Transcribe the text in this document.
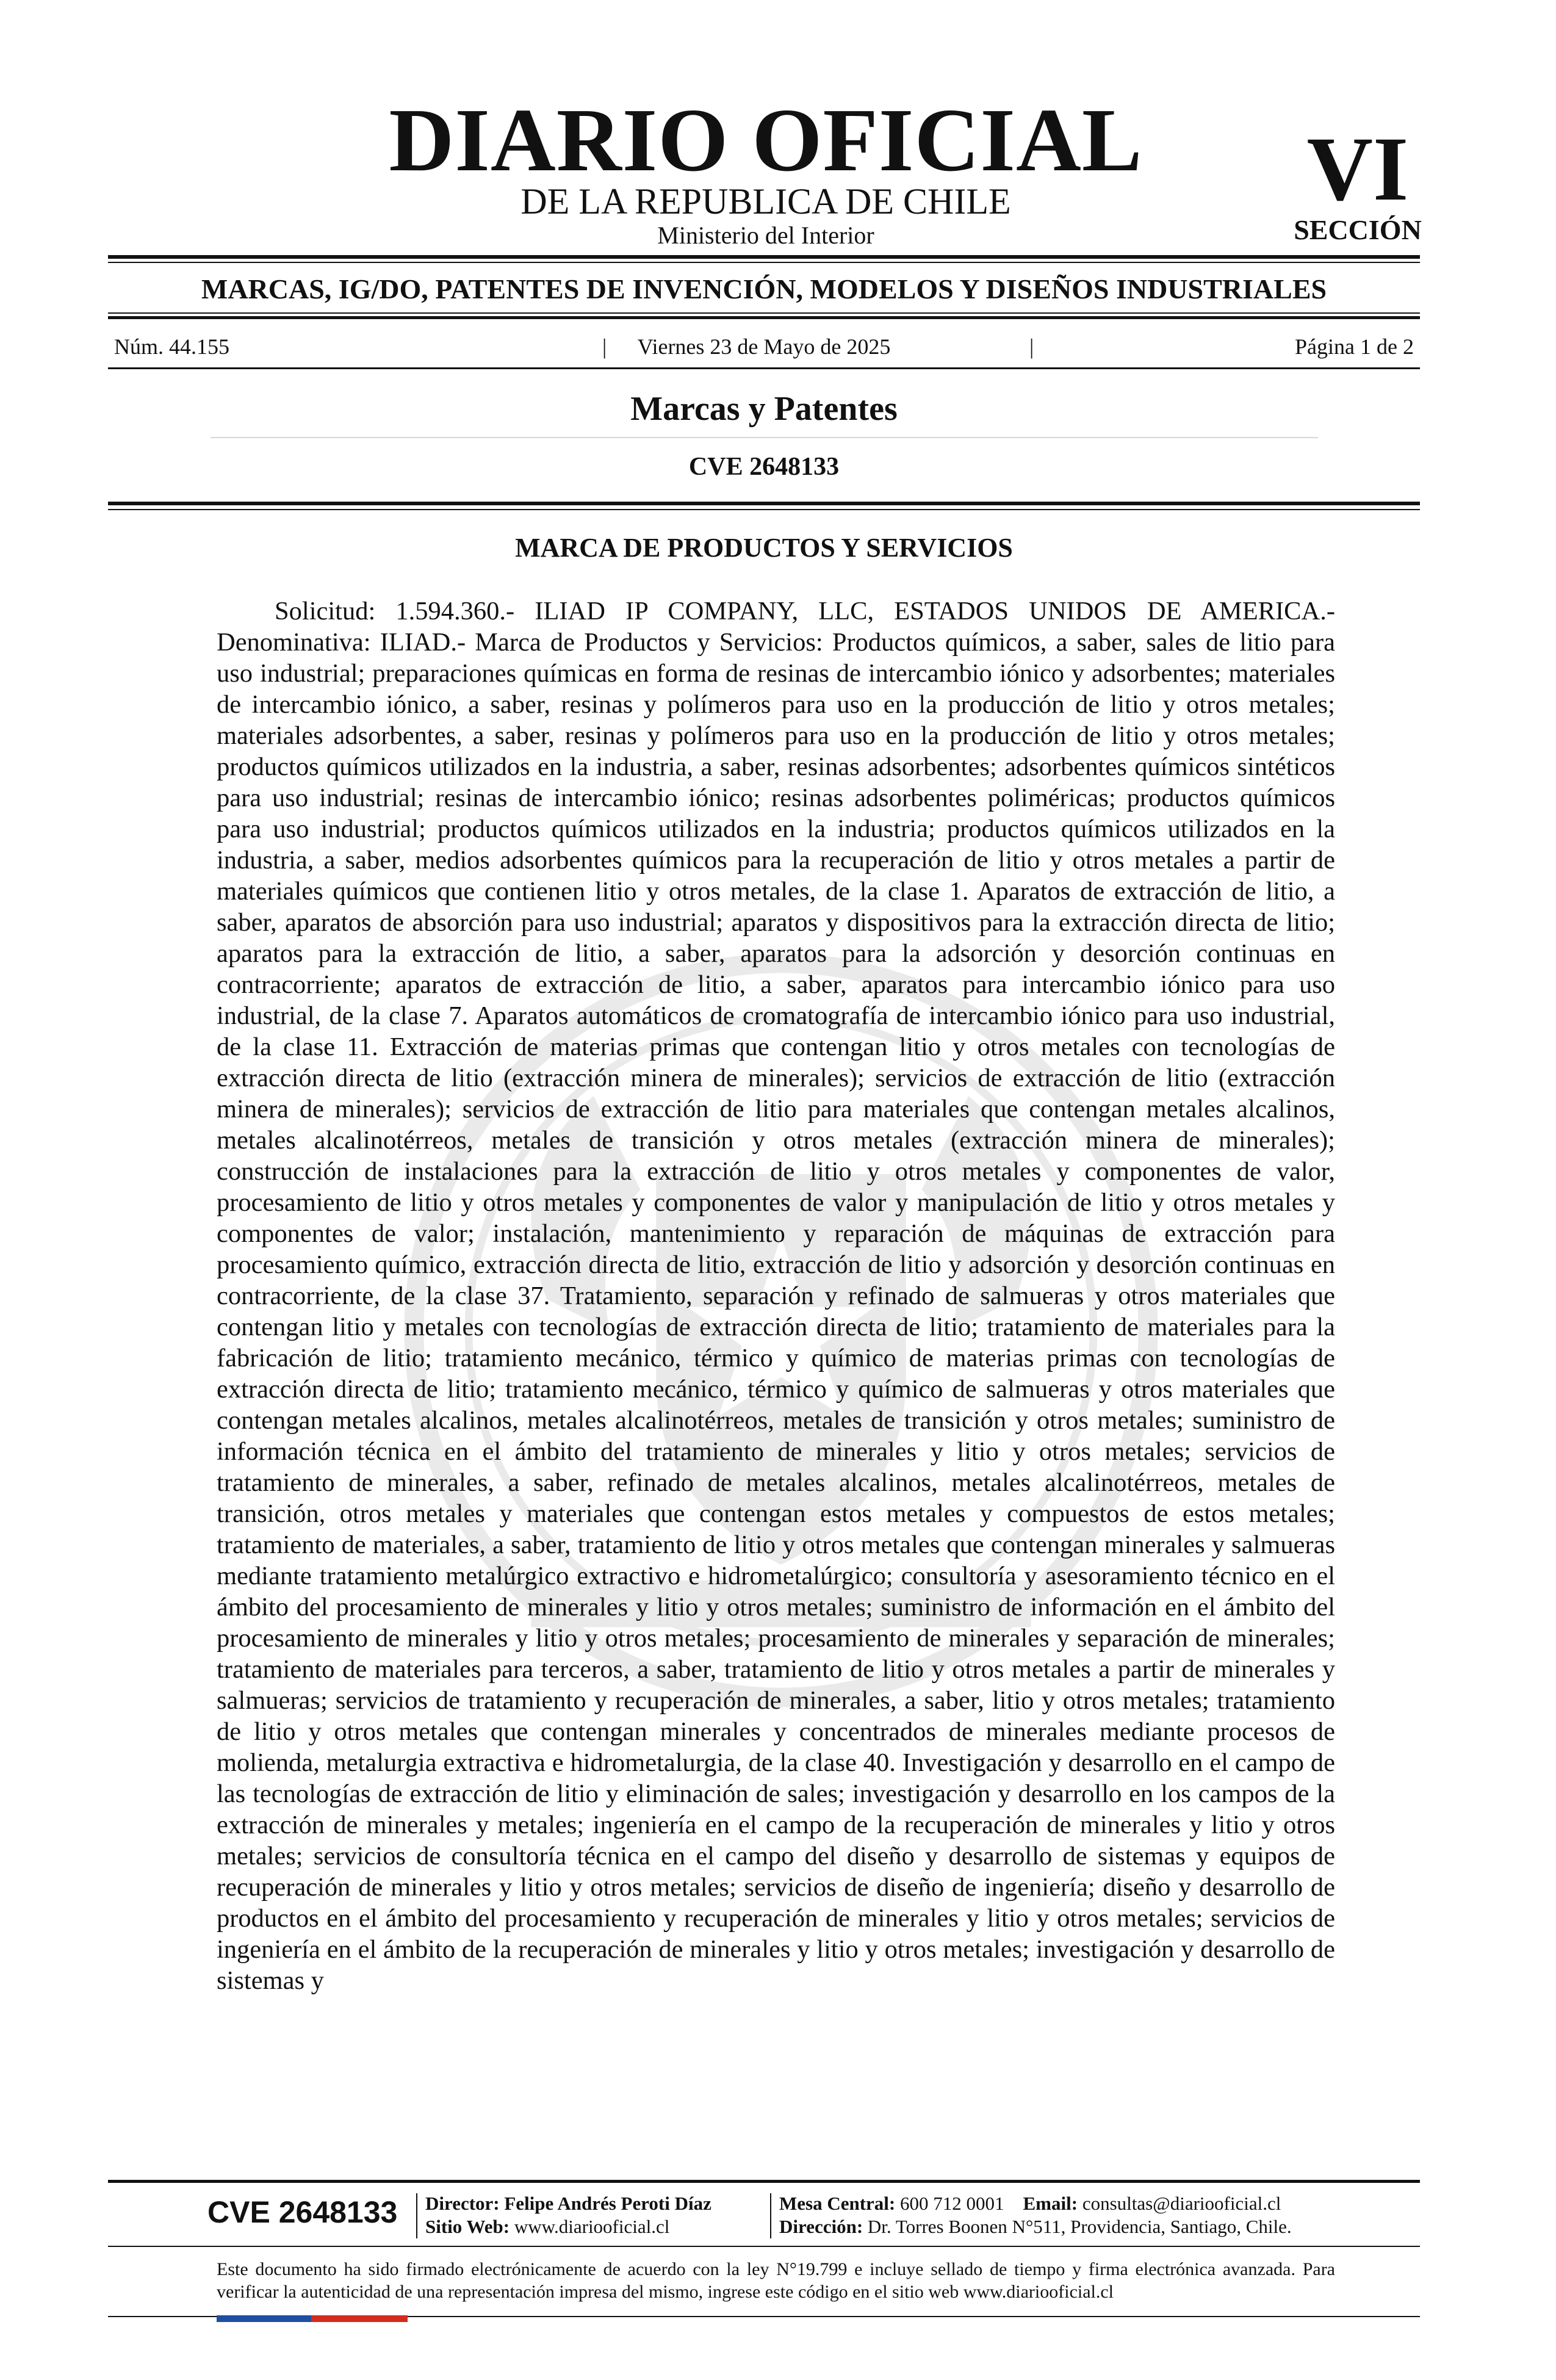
DIARIO OFICIAL
DE LA REPUBLICA DE CHILE
Ministerio del Interior
VI
SECCIÓN
MARCAS, IG/DO, PATENTES DE INVENCIÓN, MODELOS Y DISEÑOS INDUSTRIALES
Núm. 44.155	|	Viernes 23 de Mayo de 2025	|	Página 1 de 2
Marcas y Patentes
CVE 2648133
MARCA DE PRODUCTOS Y SERVICIOS
Solicitud: 1.594.360.- ILIAD IP COMPANY, LLC, ESTADOS UNIDOS DE AMERICA.- Denominativa: ILIAD.- Marca de Productos y Servicios: Productos químicos, a saber, sales de litio para uso industrial; preparaciones químicas en forma de resinas de intercambio iónico y adsorbentes; materiales de intercambio iónico, a saber, resinas y polímeros para uso en la producción de litio y otros metales; materiales adsorbentes, a saber, resinas y polímeros para uso en la producción de litio y otros metales; productos químicos utilizados en la industria, a saber, resinas adsorbentes; adsorbentes químicos sintéticos para uso industrial; resinas de intercambio iónico; resinas adsorbentes poliméricas; productos químicos para uso industrial; productos químicos utilizados en la industria; productos químicos utilizados en la industria, a saber, medios adsorbentes químicos para la recuperación de litio y otros metales a partir de materiales químicos que contienen litio y otros metales, de la clase 1. Aparatos de extracción de litio, a saber, aparatos de absorción para uso industrial; aparatos y dispositivos para la extracción directa de litio; aparatos para la extracción de litio, a saber, aparatos para la adsorción y desorción continuas en contracorriente; aparatos de extracción de litio, a saber, aparatos para intercambio iónico para uso industrial, de la clase 7. Aparatos automáticos de cromatografía de intercambio iónico para uso industrial, de la clase 11. Extracción de materias primas que contengan litio y otros metales con tecnologías de extracción directa de litio (extracción minera de minerales); servicios de extracción de litio (extracción minera de minerales); servicios de extracción de litio para materiales que contengan metales alcalinos, metales alcalinotérreos, metales de transición y otros metales (extracción minera de minerales); construcción de instalaciones para la extracción de litio y otros metales y componentes de valor, procesamiento de litio y otros metales y componentes de valor y manipulación de litio y otros metales y componentes de valor; instalación, mantenimiento y reparación de máquinas de extracción para procesamiento químico, extracción directa de litio, extracción de litio y adsorción y desorción continuas en contracorriente, de la clase 37. Tratamiento, separación y refinado de salmueras y otros materiales que contengan litio y metales con tecnologías de extracción directa de litio; tratamiento de materiales para la fabricación de litio; tratamiento mecánico, térmico y químico de materias primas con tecnologías de extracción directa de litio; tratamiento mecánico, térmico y químico de salmueras y otros materiales que contengan metales alcalinos, metales alcalinotérreos, metales de transición y otros metales; suministro de información técnica en el ámbito del tratamiento de minerales y litio y otros metales; servicios de tratamiento de minerales, a saber, refinado de metales alcalinos, metales alcalinotérreos, metales de transición, otros metales y materiales que contengan estos metales y compuestos de estos metales; tratamiento de materiales, a saber, tratamiento de litio y otros metales que contengan minerales y salmueras mediante tratamiento metalúrgico extractivo e hidrometalúrgico; consultoría y asesoramiento técnico en el ámbito del procesamiento de minerales y litio y otros metales; suministro de información en el ámbito del procesamiento de minerales y litio y otros metales; procesamiento de minerales y separación de minerales; tratamiento de materiales para terceros, a saber, tratamiento de litio y otros metales a partir de minerales y salmueras; servicios de tratamiento y recuperación de minerales, a saber, litio y otros metales; tratamiento de litio y otros metales que contengan minerales y concentrados de minerales mediante procesos de molienda, metalurgia extractiva e hidrometalurgia, de la clase 40. Investigación y desarrollo en el campo de las tecnologías de extracción de litio y eliminación de sales; investigación y desarrollo en los campos de la extracción de minerales y metales; ingeniería en el campo de la recuperación de minerales y litio y otros metales; servicios de consultoría técnica en el campo del diseño y desarrollo de sistemas y equipos de recuperación de minerales y litio y otros metales; servicios de diseño de ingeniería; diseño y desarrollo de productos en el ámbito del procesamiento y recuperación de minerales y litio y otros metales; servicios de ingeniería en el ámbito de la recuperación de minerales y litio y otros metales; investigación y desarrollo de sistemas y
CVE 2648133 Director: Felipe Andrés Peroti Díaz
Sitio Web: www.diariooficial.cl
Mesa Central: 600 712 0001 Email: consultas@diariooficial.cl
Dirección: Dr. Torres Boonen N°511, Providencia, Santiago, Chile.
Este documento ha sido firmado electrónicamente de acuerdo con la ley N°19.799 e incluye sellado de tiempo y firma electrónica avanzada. Para verificar la autenticidad de una representación impresa del mismo, ingrese este código en el sitio web www.diariooficial.cl
